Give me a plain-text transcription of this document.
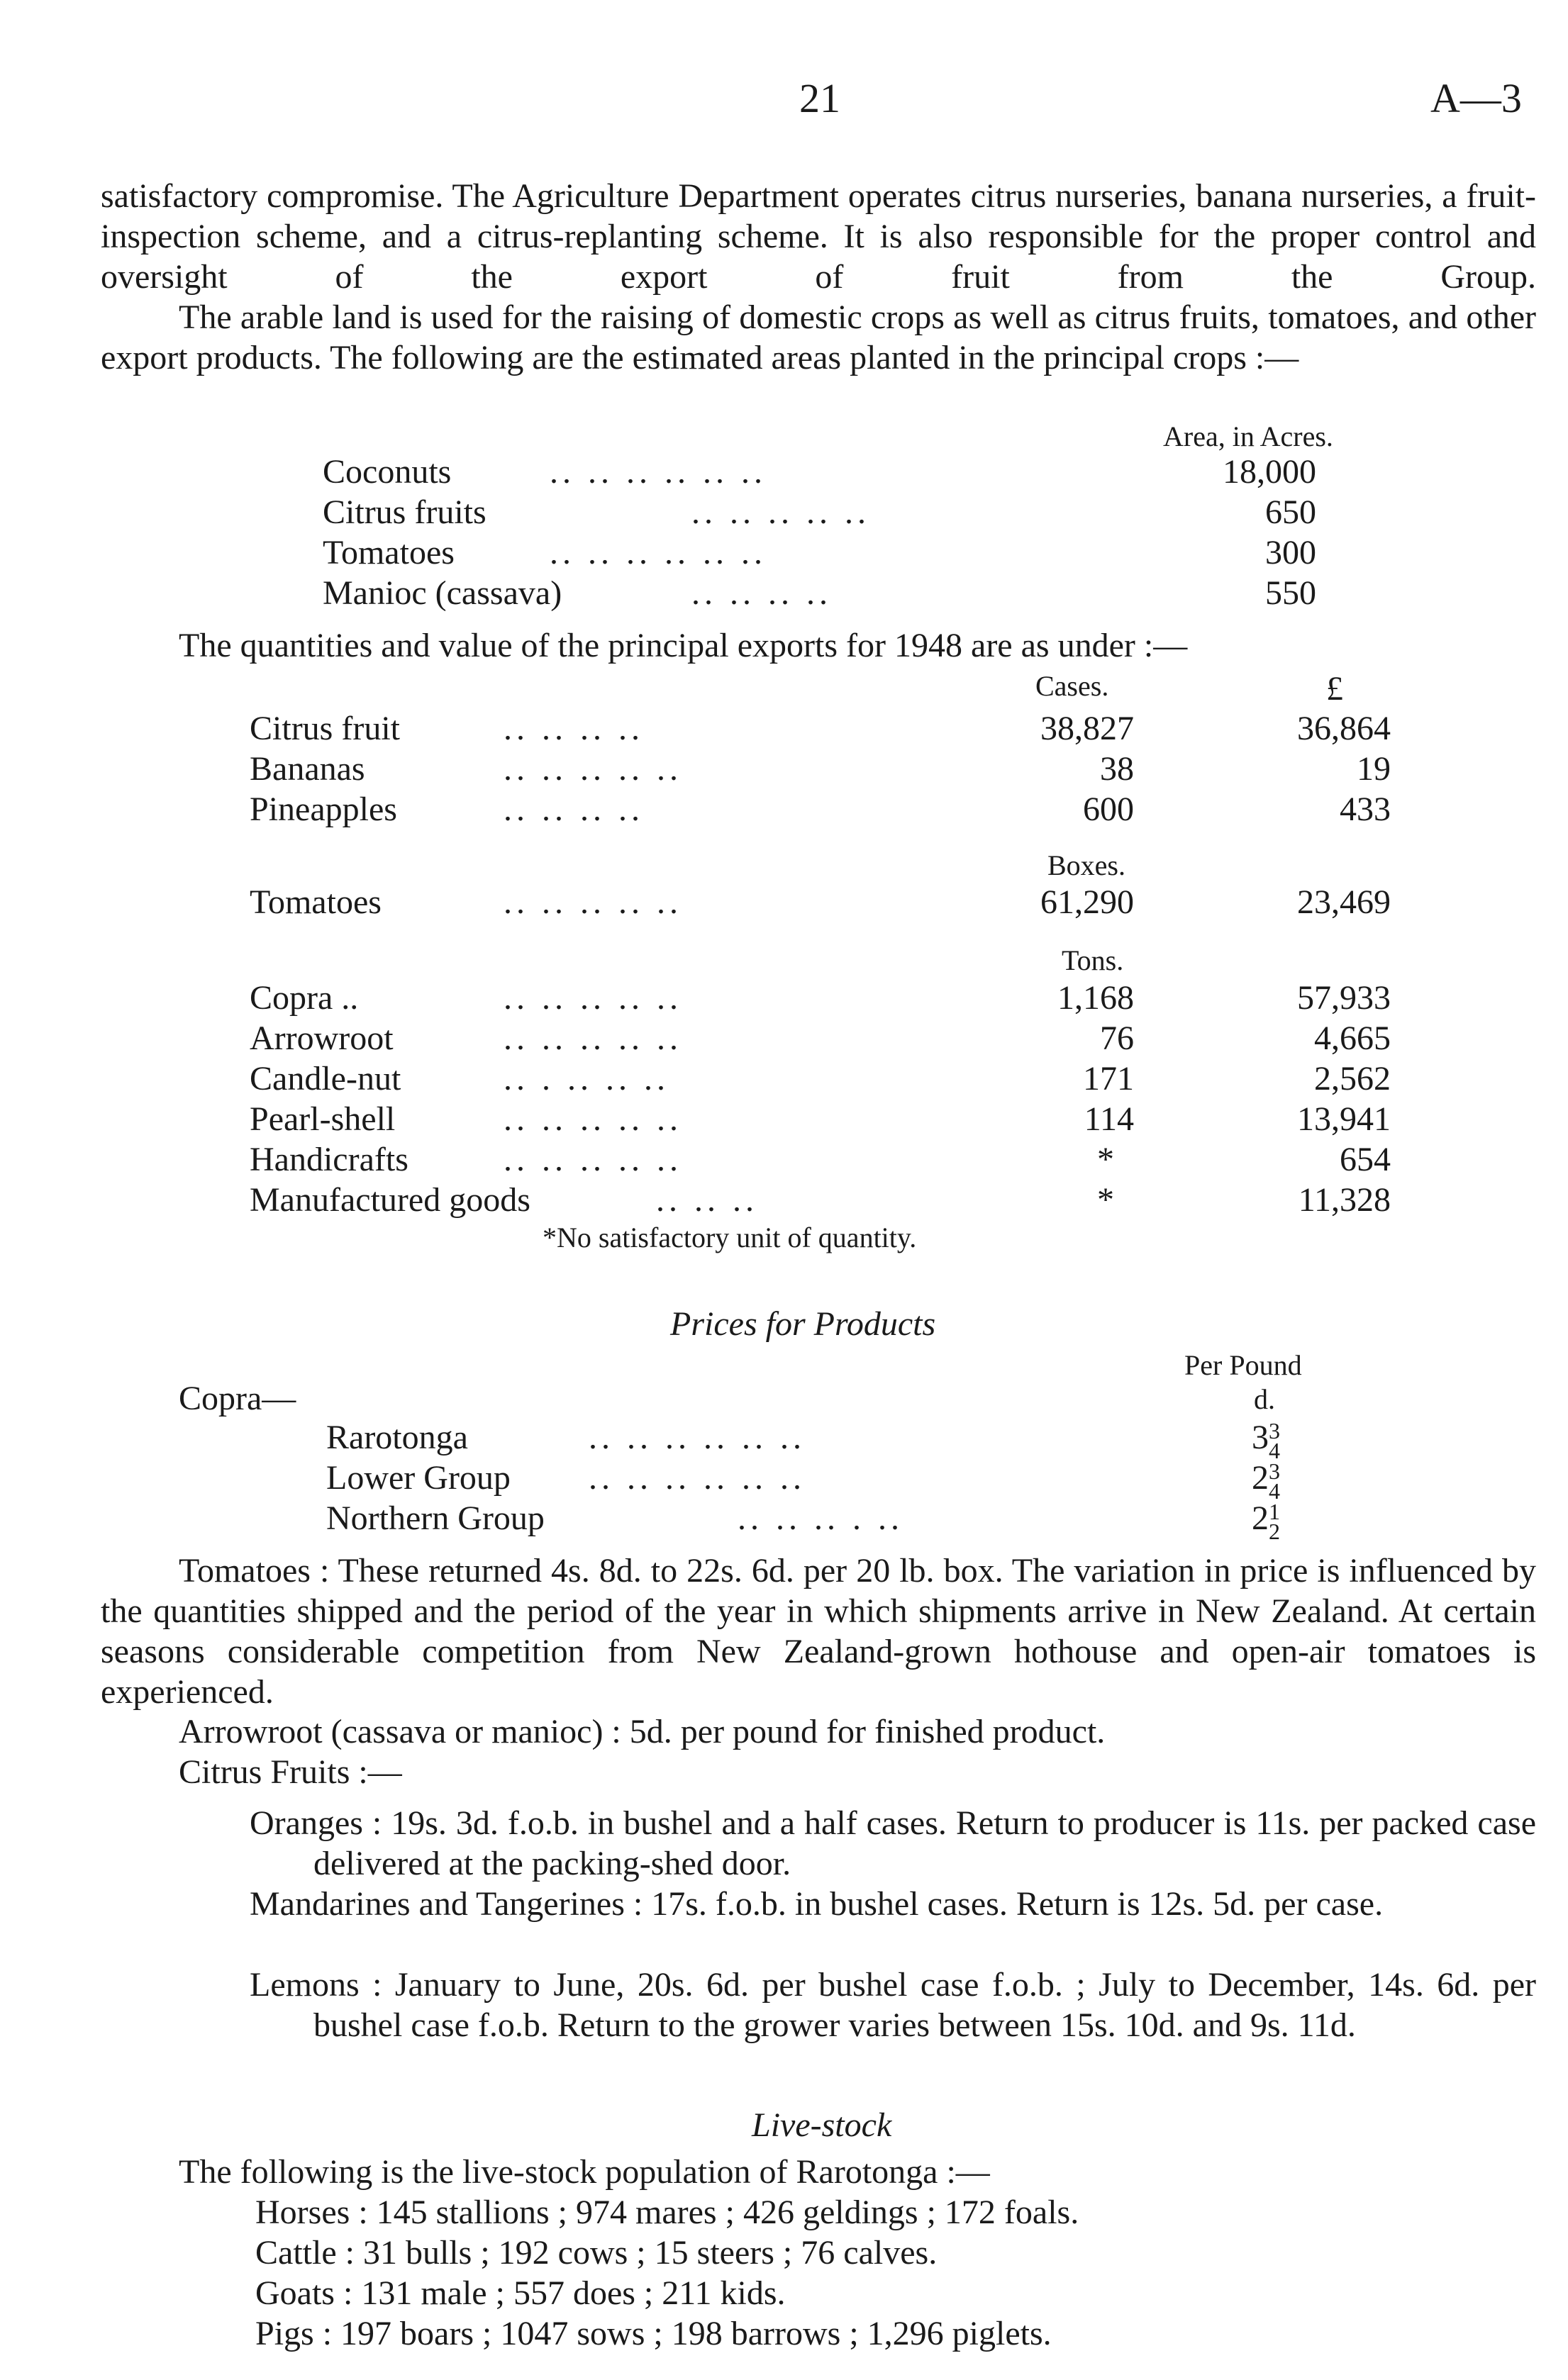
21	A—3
satisfactory compromise. The Agriculture Department operates citrus nurseries, banana nurseries, a fruit-inspection scheme, and a citrus-replanting scheme. It is also responsible for the proper control and oversight of the export of fruit from the Group.
The arable land is used for the raising of domestic crops as well as citrus fruits, tomatoes, and other export products. The following are the estimated areas planted in the principal crops :—
Area, in Acres.
Coconuts	.. .. .. .. .. ..	18,000
Citrus fruits	.. .. .. .. ..	650
Tomatoes	.. .. .. .. .. ..	300
Manioc (cassava)	.. .. .. ..	550
The quantities and value of the principal exports for 1948 are as under :—
Cases.	£
Citrus fruit	.. .. .. ..	38,827	36,864
Bananas	.. .. .. .. ..	38	19
Pineapples	.. .. .. ..	600	433
Boxes.
Tomatoes	.. .. .. .. ..	61,290	23,469
Tons.
Copra ..	.. .. .. .. ..	1,168	57,933
Arrowroot	.. .. .. .. ..	76	4,665
Candle-nut	.. . .. .. ..	171	2,562
Pearl-shell	.. .. .. .. ..	114	13,941
Handicrafts	.. .. .. .. ..	*	654
Manufactured goods	.. .. ..	*	11,328
*No satisfactory unit of quantity.
Prices for Products
Per Pound
d.
Copra—
Rarotonga	.. .. .. .. .. ..	3 3
4
Lower Group .. .. .. .. .. ..	2 3
4
Northern Group	.. .. .. . ..	2 1
2
Tomatoes : These returned 4s. 8d. to 22s. 6d. per 20 lb. box. The variation in price is influenced by the quantities shipped and the period of the year in which shipments arrive in New Zealand. At certain seasons considerable competition from New Zealand-grown hothouse and open-air tomatoes is experienced.
Arrowroot (cassava or manioc) : 5d. per pound for finished product.
Citrus Fruits :—
Oranges : 19s. 3d. f.o.b. in bushel and a half cases. Return to producer is 11s. per packed case delivered at the packing-shed door.
Mandarines and Tangerines : 17s. f.o.b. in bushel cases. Return is 12s. 5d. per case.
Lemons : January to June, 20s. 6d. per bushel case f.o.b. ; July to December, 14s. 6d. per bushel case f.o.b. Return to the grower varies between 15s. 10d. and 9s. 11d.
Live-stock
The following is the live-stock population of Rarotonga :—
Horses : 145 stallions ; 974 mares ; 426 geldings ; 172 foals.
Cattle : 31 bulls ; 192 cows ; 15 steers ; 76 calves.
Goats : 131 male ; 557 does ; 211 kids.
Pigs : 197 boars ; 1047 sows ; 198 barrows ; 1,296 piglets.
